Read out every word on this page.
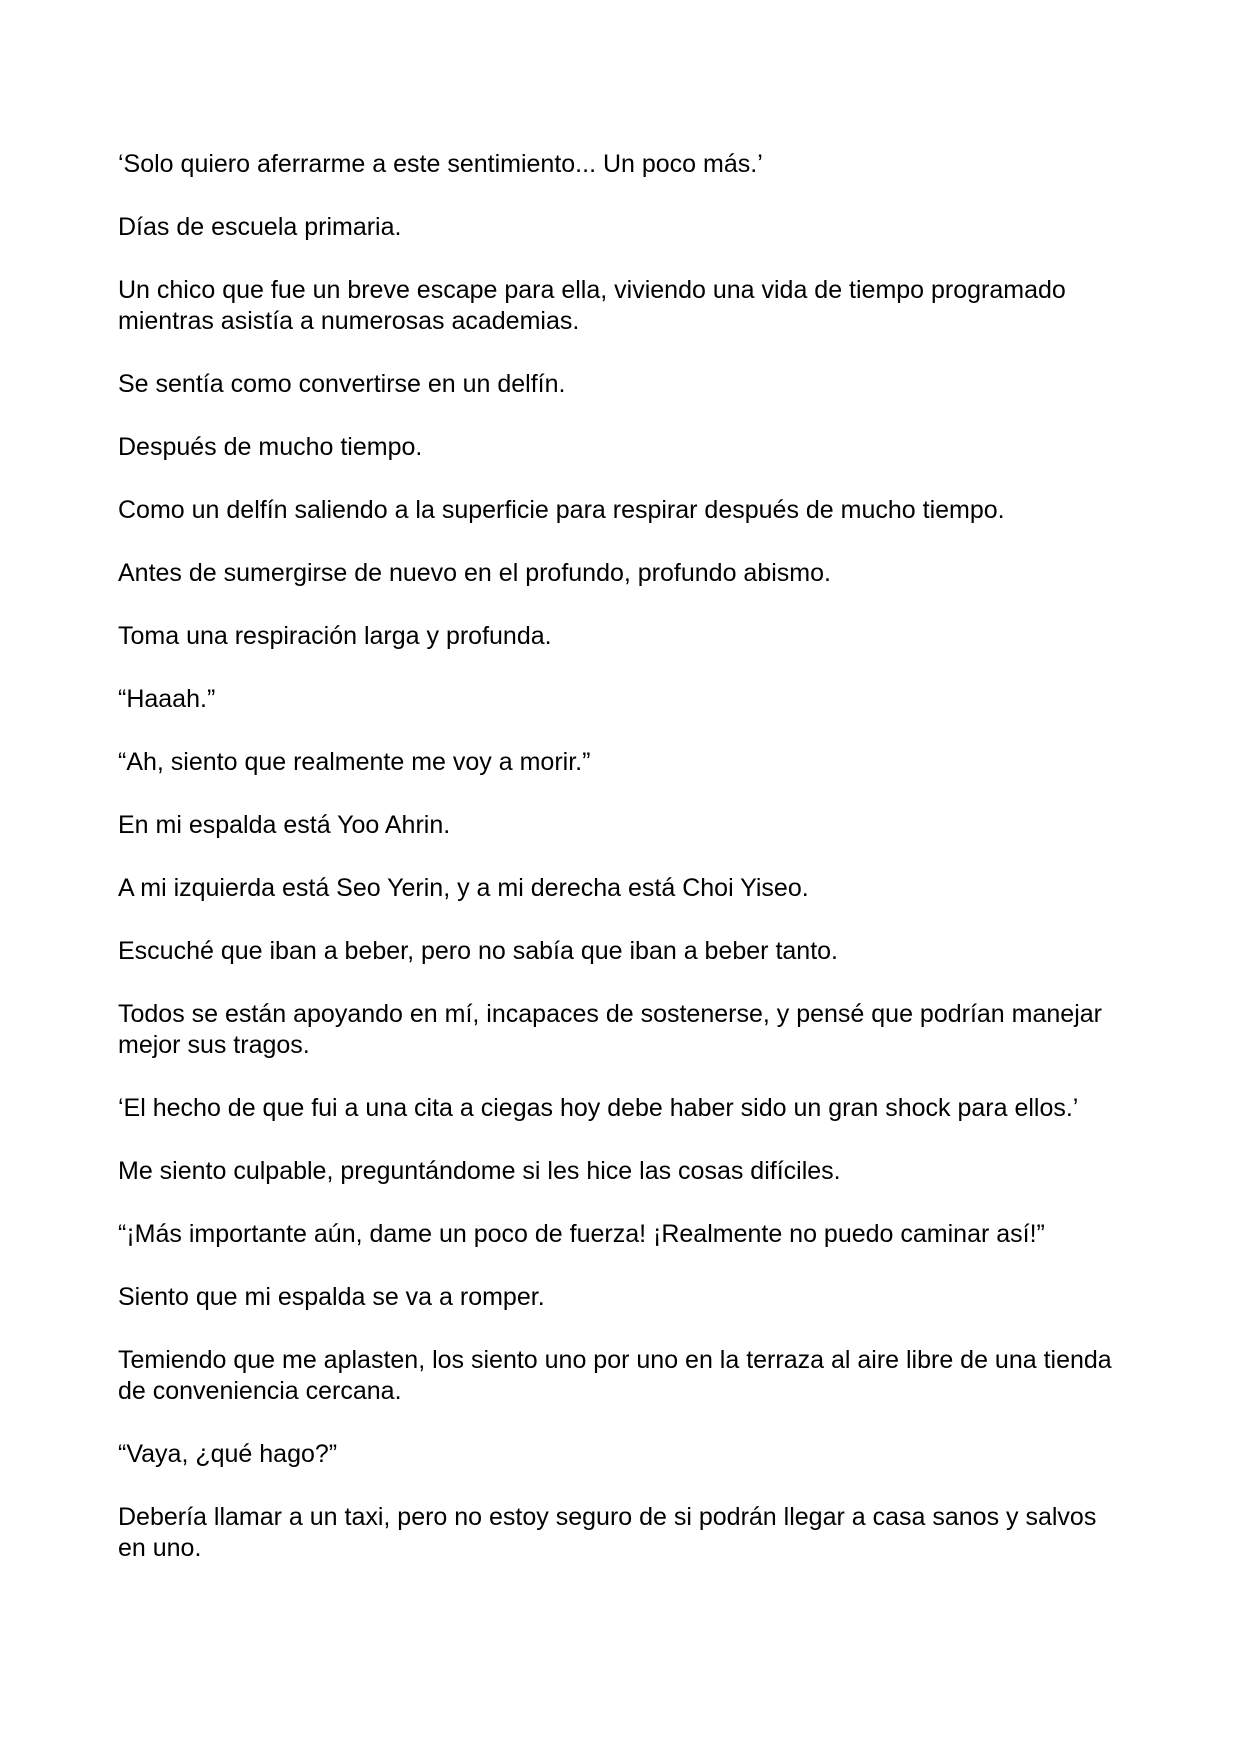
‘Solo quiero aferrarme a este sentimiento... Un poco más.’

Días de escuela primaria.

Un chico que fue un breve escape para ella, viviendo una vida de tiempo programado mientras asistía a numerosas academias.

Se sentía como convertirse en un delfín.

Después de mucho tiempo.

Como un delfín saliendo a la superficie para respirar después de mucho tiempo.

Antes de sumergirse de nuevo en el profundo, profundo abismo.

Toma una respiración larga y profunda.

“Haaah.”

“Ah, siento que realmente me voy a morir.”

En mi espalda está Yoo Ahrin.

A mi izquierda está Seo Yerin, y a mi derecha está Choi Yiseo.

Escuché que iban a beber, pero no sabía que iban a beber tanto.

Todos se están apoyando en mí, incapaces de sostenerse, y pensé que podrían manejar mejor sus tragos.

‘El hecho de que fui a una cita a ciegas hoy debe haber sido un gran shock para ellos.’

Me siento culpable, preguntándome si les hice las cosas difíciles.

“¡Más importante aún, dame un poco de fuerza! ¡Realmente no puedo caminar así!”

Siento que mi espalda se va a romper.

Temiendo que me aplasten, los siento uno por uno en la terraza al aire libre de una tienda de conveniencia cercana.

“Vaya, ¿qué hago?”

Debería llamar a un taxi, pero no estoy seguro de si podrán llegar a casa sanos y salvos en uno.
